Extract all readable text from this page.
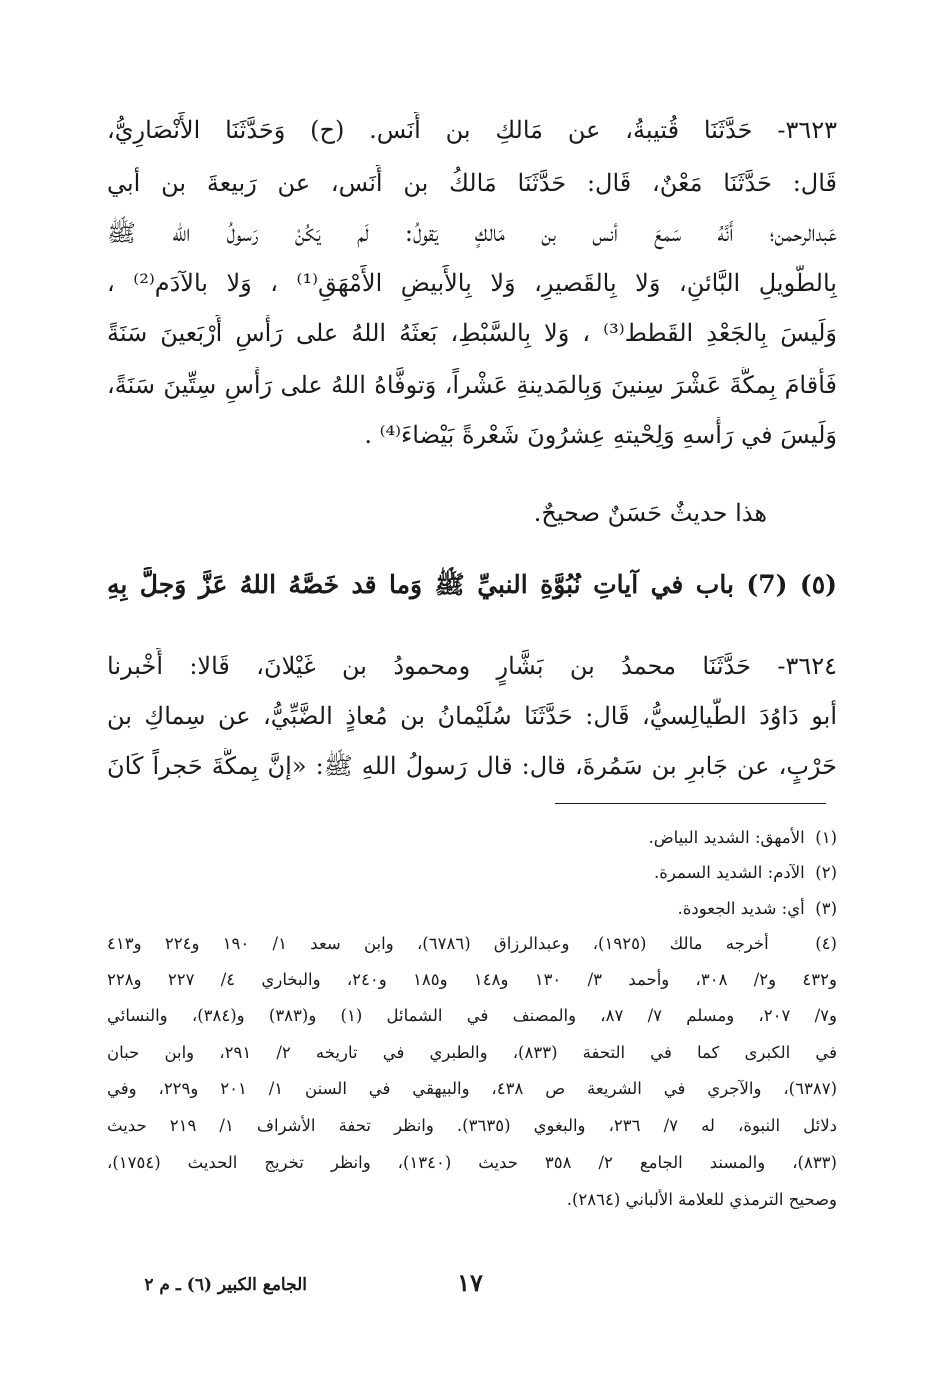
٣٦٢٣- حَدَّثَنَا قُتيبةُ، عن مَالكِ بن أَنَس. (ح) وَحَدَّثَنَا الأَنْصَارِيُّ،
قَال: حَدَّثَنَا مَعْنٌ، قَال: حَدَّثَنَا مَالكُ بن أَنَس، عن رَبيعةَ بن أبي
عَبدالرحمن؛ أَنَّهُ سَمعَ أنس بن مَالكٍ يَقولُ: لَم يَكُنْ رَسولُ الله ﷺ
بِالطَّويلِ البَّائنِ، وَلا بِالقَصيرِ، وَلا بِالأَبيضِ الأَمْهَقِ⁽¹⁾ ، وَلا بالآدَم⁽²⁾ ،
وَلَيسَ بِالجَعْدِ القَطط⁽³⁾ ، وَلا بِالسَّبْطِ، بَعثَهُ اللهُ على رَأْسِ أَرْبَعينَ سَنَةً
فَأَقامَ بِمكَّةَ عَشْرَ سِنينَ وَبِالمَدينةِ عَشْراً، وَتوفَّاهُ اللهُ على رَأْسِ سِتِّينَ سَنَةً،
وَلَيسَ في رَأْسهِ وَلِحْيتهِ عِشرُونَ شَعْرةً بَيْضاءَ⁽⁴⁾ .
هذا حديثٌ حَسَنٌ صحيحٌ.
(٥) (7) باب في آياتِ نُبُوَّةِ النبيِّ ﷺ وَما قد خَصَّهُ اللهُ عَزَّ وَجلَّ بِهِ
٣٦٢٤- حَدَّثَنَا محمدُ بن بَشَّارٍ ومحمودُ بن غَيْلانَ، قَالا: أَخْبرنا
أبو دَاوُدَ الطَّيالِسيُّ، قَال: حَدَّثَنَا سُلَيْمانُ بن مُعاذٍ الضَّبِّيُّ، عن سِماكِ بن
حَرْبٍ، عن جَابرِ بن سَمُرةَ، قال: قال رَسولُ اللهِ ﷺ: «إنَّ بِمكَّةَ حَجراً كَانَ
(١)  الأمهق: الشديد البياض.
(٢)  الآدم: الشديد السمرة.
(٣)  أي: شديد الجعودة.
(٤)  أخرجه مالك (١٩٢٥)، وعبدالرزاق (٦٧٨٦)، وابن سعد ١/ ١٩٠ و٢٢٤ و٤١٣
و٤٣٢ و٢/ ٣٠٨، وأحمد ٣/ ١٣٠ و١٤٨ و١٨٥ و٢٤٠، والبخاري ٤/ ٢٢٧ و٢٢٨
و٧/ ٢٠٧، ومسلم ٧/ ٨٧، والمصنف في الشمائل (١) و(٣٨٣) و(٣٨٤)، والنسائي
في الكبرى كما في التحفة (٨٣٣)، والطبري في تاريخه ٢/ ٢٩١، وابن حبان
(٦٣٨٧)، والآجري في الشريعة ص ٤٣٨، والبيهقي في السنن ١/ ٢٠١ و٢٢٩، وفي
دلائل النبوة، له ٧/ ٢٣٦، والبغوي (٣٦٣٥). وانظر تحفة الأشراف ١/ ٢١٩ حديث
(٨٣٣)، والمسند الجامع ٢/ ٣٥٨ حديث (١٣٤٠)، وانظر تخريج الحديث (١٧٥٤)،
وصحيح الترمذي للعلامة الألباني (٢٨٦٤).
١٧
الجامع الكبير (٦) ـ م ٢
